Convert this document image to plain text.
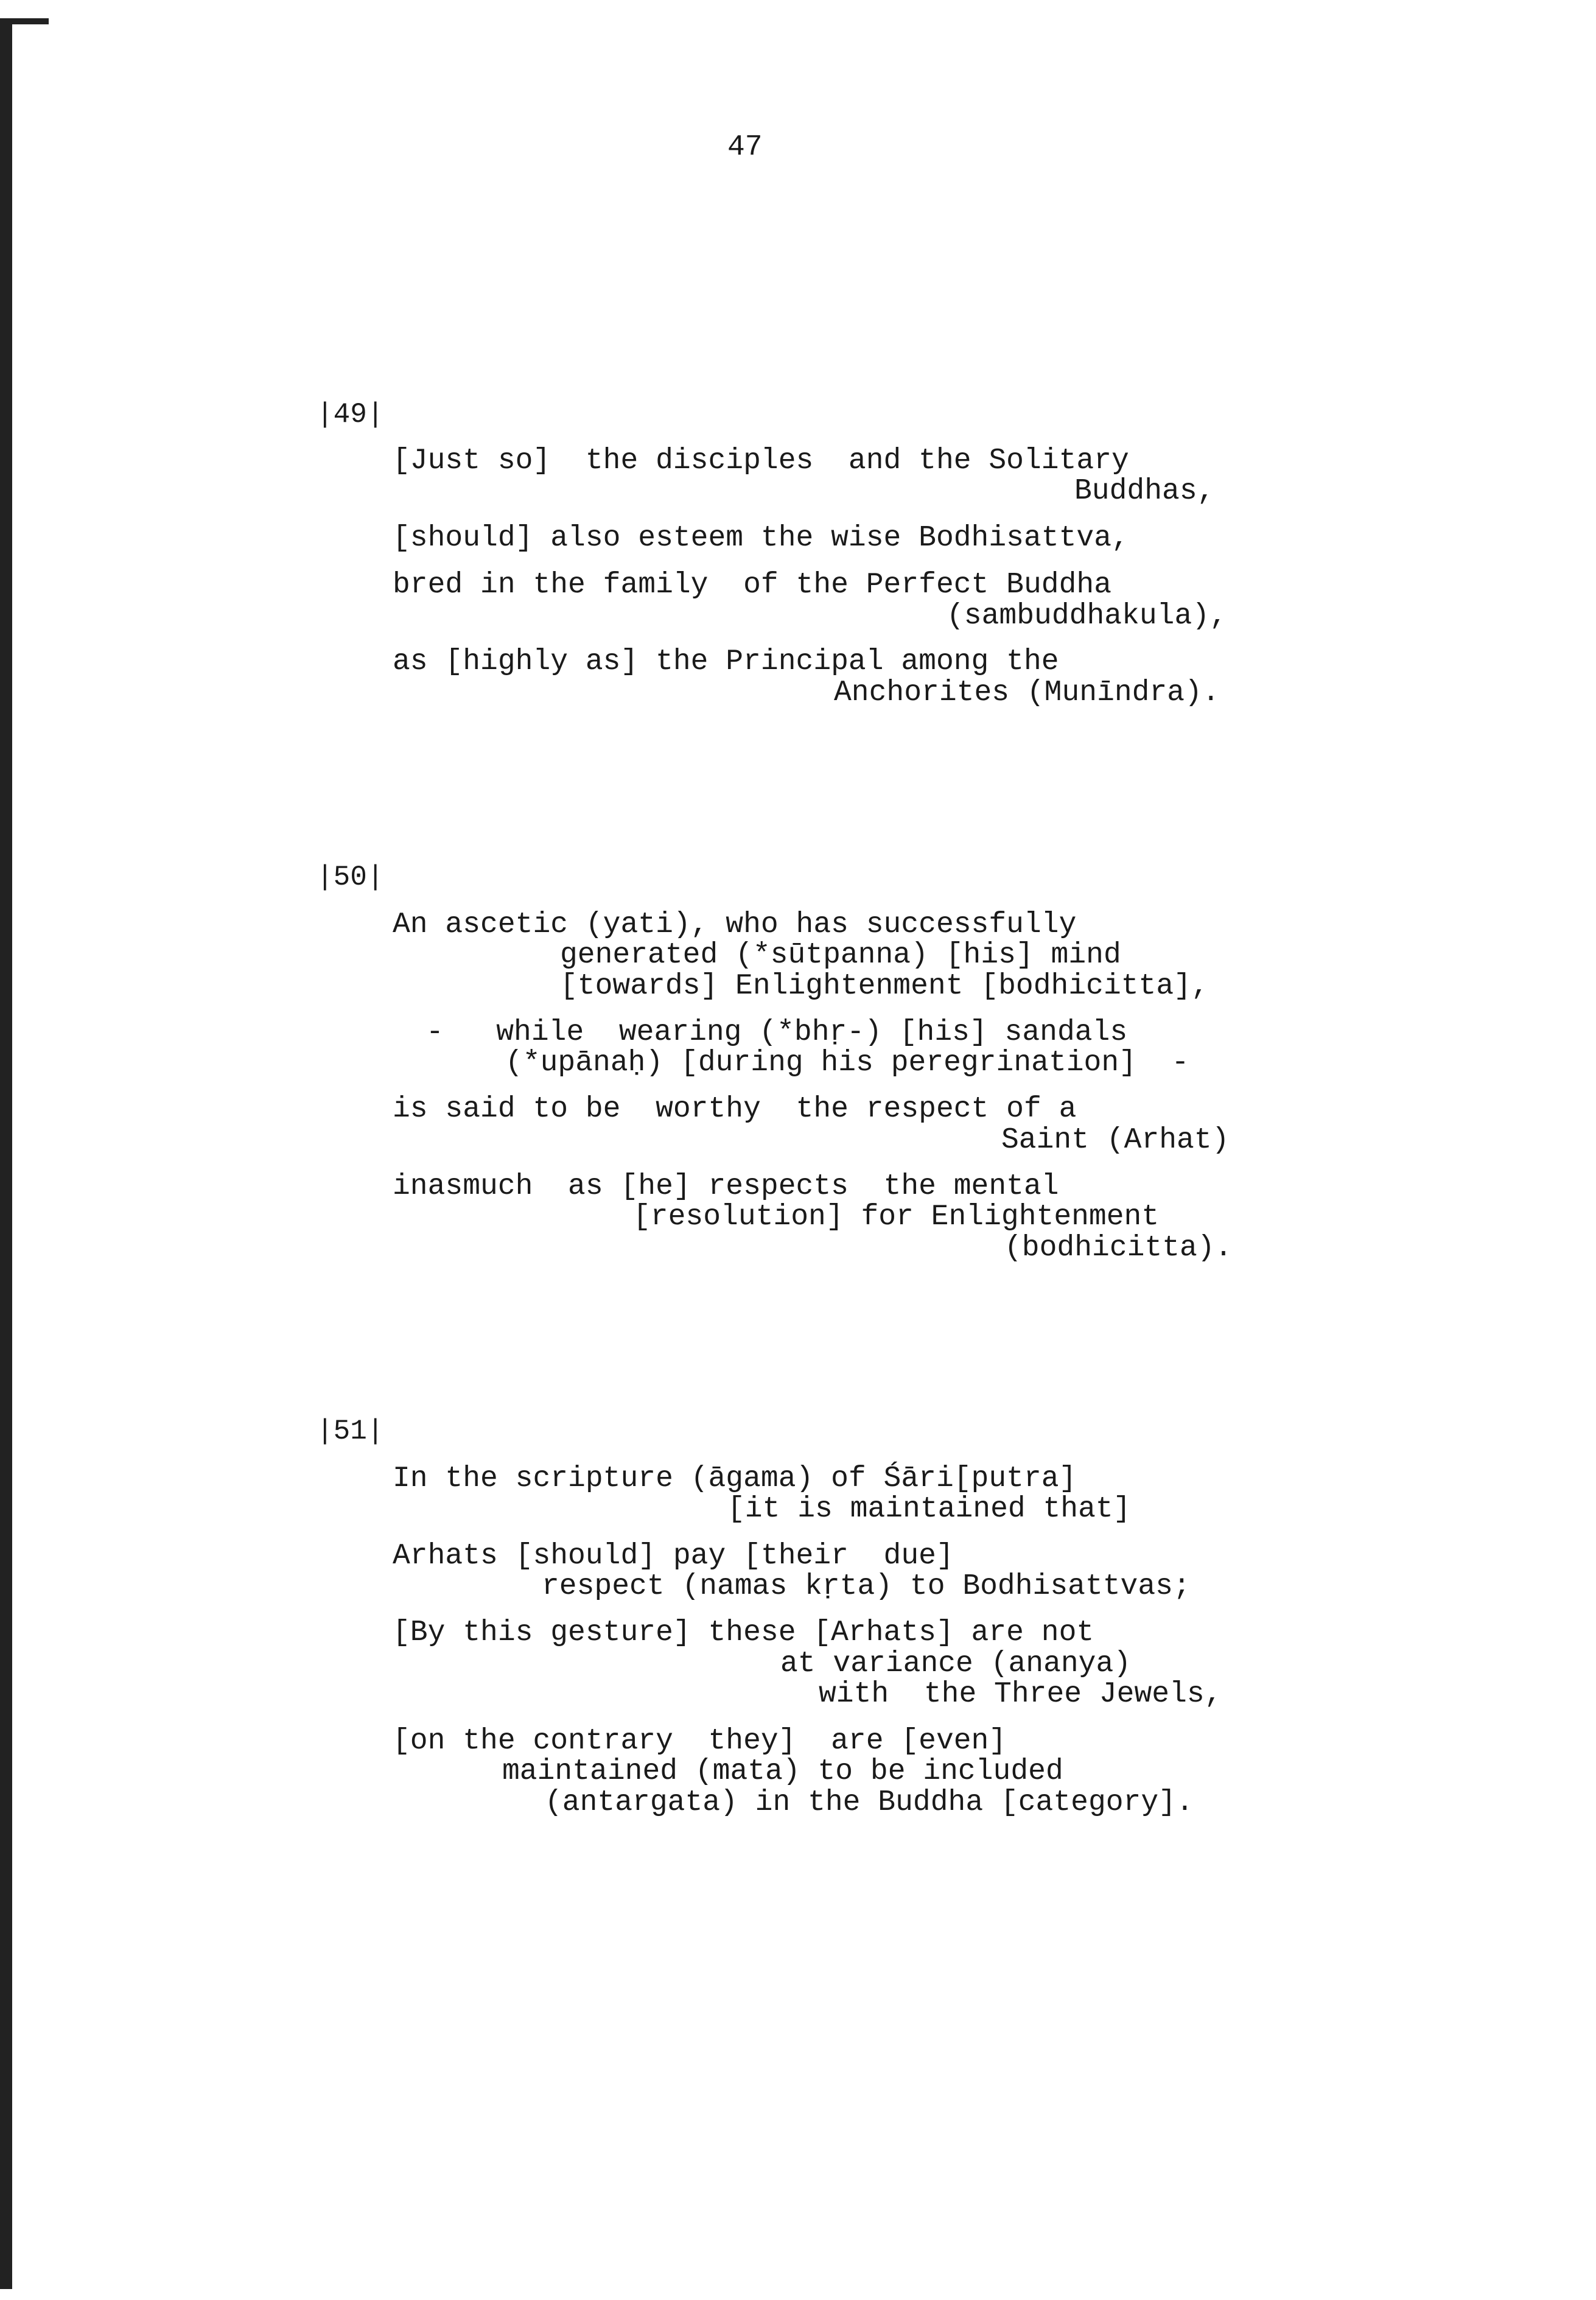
47
|49|
[Just so]  the disciples  and the Solitary
Buddhas,
[should] also esteem the wise Bodhisattva,
bred in the family  of the Perfect Buddha
(sambuddhakula),
as [highly as] the Principal among the
Anchorites (Munīndra).
|50|
An ascetic (yati), who has successfully
generated (*sūtpanna) [his] mind
[towards] Enlightenment [bodhicitta],
-   while  wearing (*bhṛ-) [his] sandals
(*upānaḥ) [during his peregrination]  -
is said to be  worthy  the respect of a
Saint (Arhat)
inasmuch  as [he] respects  the mental
[resolution] for Enlightenment
(bodhicitta).
|51|
In the scripture (āgama) of Śāri[putra]
[it is maintained that]
Arhats [should] pay [their  due]
respect (namas kṛta) to Bodhisattvas;
[By this gesture] these [Arhats] are not
at variance (ananya)
with  the Three Jewels,
[on the contrary  they]  are [even]
maintained (mata) to be included
(antargata) in the Buddha [category].
